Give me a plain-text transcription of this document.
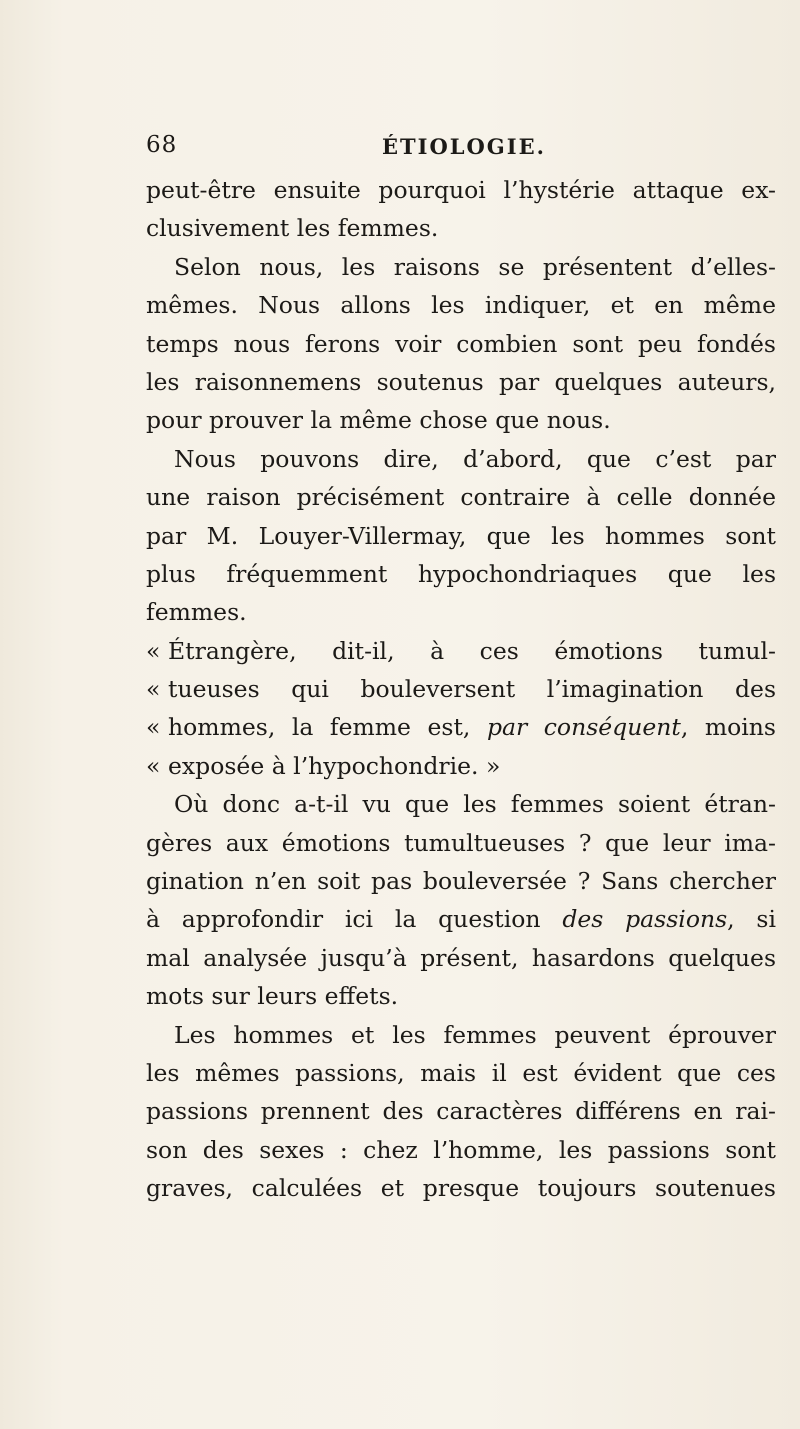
68	ÉTIOLOGIE.
peut-être ensuite pourquoi l’hystérie attaque ex-
clusivement les femmes.
Selon nous, les raisons se présentent d’elles-
mêmes. Nous allons les indiquer, et en même
temps nous ferons voir combien sont peu fondés
les raisonnemens soutenus par quelques auteurs,
pour prouver la même chose que nous.
Nous pouvons dire, d’abord, que c’est par
une raison précisément contraire à celle donnée
par M. Louyer-Villermay, que les hommes sont
plus fréquemment hypochondriaques que les
femmes.
« Étrangère, dit-il, à ces émotions tumul-
« tueuses qui bouleversent l’imagination des
« hommes, la femme est, par conséquent, moins
« exposée à l’hypochondrie. »
Où donc a-t-il vu que les femmes soient étran-
gères aux émotions tumultueuses ? que leur ima-
gination n’en soit pas bouleversée ? Sans chercher
à approfondir ici la question des passions, si
mal analysée jusqu’à présent, hasardons quelques
mots sur leurs effets.
Les hommes et les femmes peuvent éprouver
les mêmes passions, mais il est évident que ces
passions prennent des caractères différens en rai-
son des sexes : chez l’homme, les passions sont
graves, calculées et presque toujours soutenues
